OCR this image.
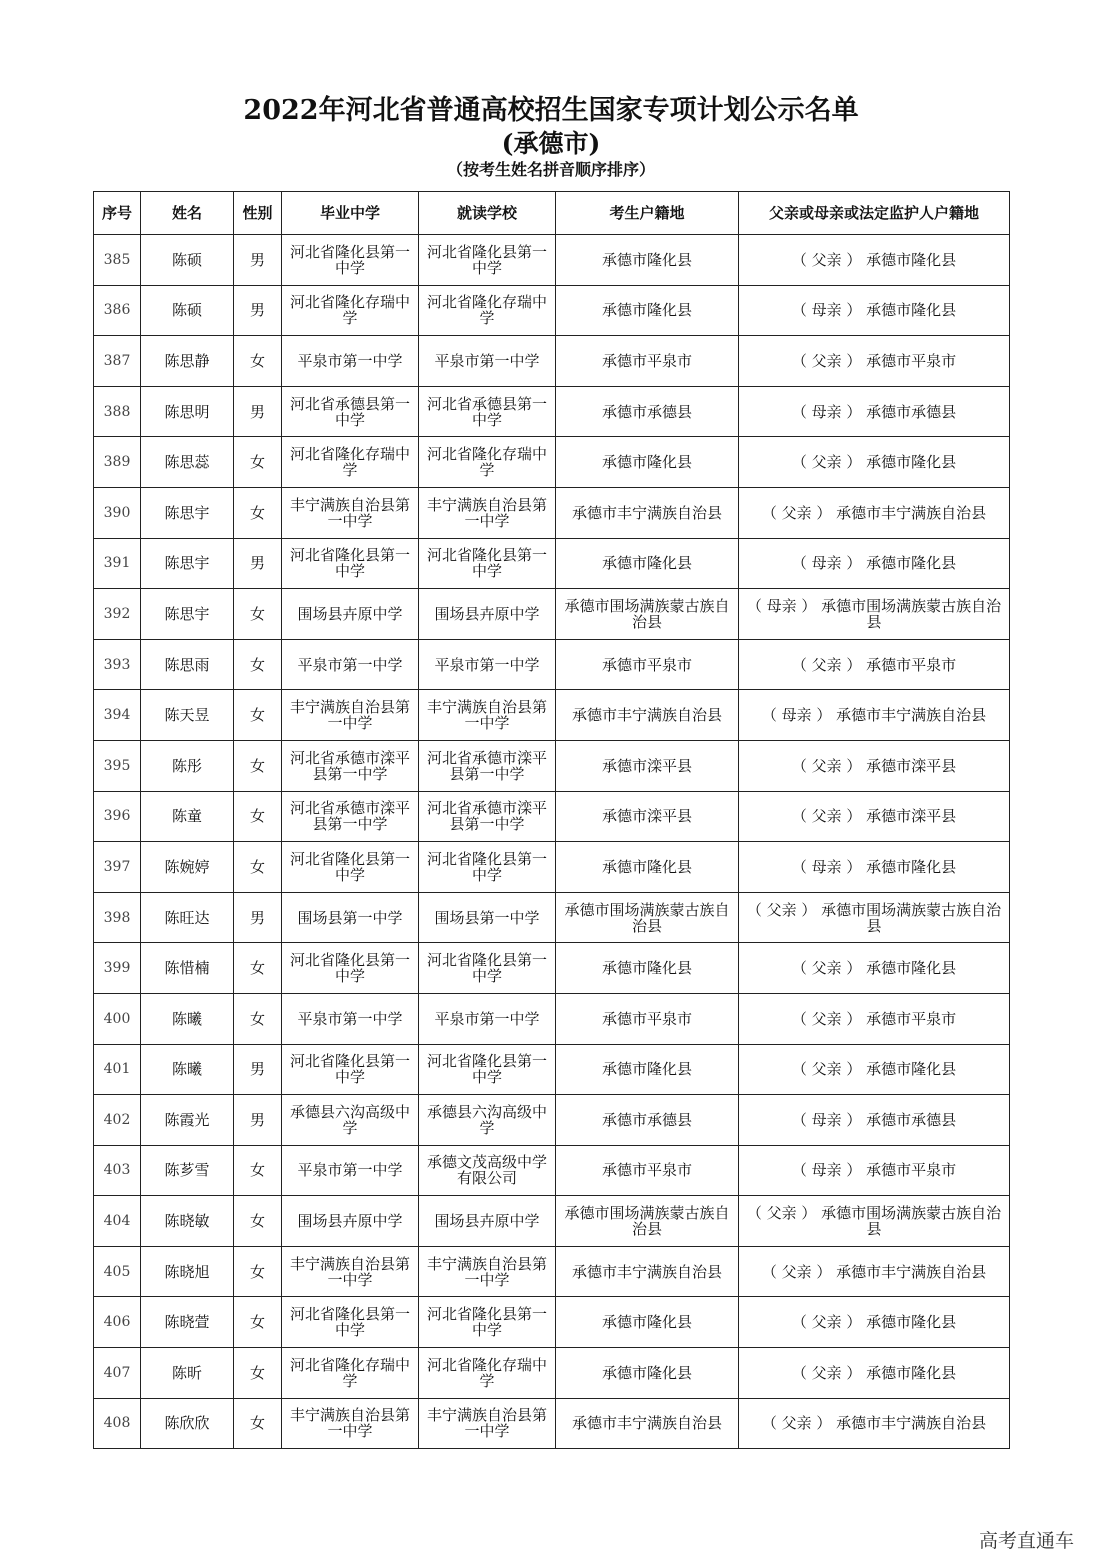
2022年河北省普通高校招生国家专项计划公示名单
(承德市)
（按考生姓名拼音顺序排序）
序号	姓名	性别	毕业中学	就读学校	考生户籍地	父亲或母亲或法定监护人户籍地
385	陈硕	男	河北省隆化县第一中学	河北省隆化县第一中学	承德市隆化县	（ 父亲 ） 承德市隆化县
386	陈硕	男	河北省隆化存瑞中学	河北省隆化存瑞中学	承德市隆化县	（ 母亲 ） 承德市隆化县
387	陈思静	女	平泉市第一中学	平泉市第一中学	承德市平泉市	（ 父亲 ） 承德市平泉市
388	陈思明	男	河北省承德县第一中学	河北省承德县第一中学	承德市承德县	（ 母亲 ） 承德市承德县
389	陈思蕊	女	河北省隆化存瑞中学	河北省隆化存瑞中学	承德市隆化县	（ 父亲 ） 承德市隆化县
390	陈思宇	女	丰宁满族自治县第一中学	丰宁满族自治县第一中学	承德市丰宁满族自治县	（ 父亲 ） 承德市丰宁满族自治县
391	陈思宇	男	河北省隆化县第一中学	河北省隆化县第一中学	承德市隆化县	（ 母亲 ） 承德市隆化县
392	陈思宇	女	围场县卉原中学	围场县卉原中学	承德市围场满族蒙古族自治县	（ 母亲 ） 承德市围场满族蒙古族自治县
393	陈思雨	女	平泉市第一中学	平泉市第一中学	承德市平泉市	（ 父亲 ） 承德市平泉市
394	陈天昱	女	丰宁满族自治县第一中学	丰宁满族自治县第一中学	承德市丰宁满族自治县	（ 母亲 ） 承德市丰宁满族自治县
395	陈彤	女	河北省承德市滦平县第一中学	河北省承德市滦平县第一中学	承德市滦平县	（ 父亲 ） 承德市滦平县
396	陈童	女	河北省承德市滦平县第一中学	河北省承德市滦平县第一中学	承德市滦平县	（ 父亲 ） 承德市滦平县
397	陈婉婷	女	河北省隆化县第一中学	河北省隆化县第一中学	承德市隆化县	（ 母亲 ） 承德市隆化县
398	陈旺达	男	围场县第一中学	围场县第一中学	承德市围场满族蒙古族自治县	（ 父亲 ） 承德市围场满族蒙古族自治县
399	陈惜楠	女	河北省隆化县第一中学	河北省隆化县第一中学	承德市隆化县	（ 父亲 ） 承德市隆化县
400	陈曦	女	平泉市第一中学	平泉市第一中学	承德市平泉市	（ 父亲 ） 承德市平泉市
401	陈曦	男	河北省隆化县第一中学	河北省隆化县第一中学	承德市隆化县	（ 父亲 ） 承德市隆化县
402	陈霞光	男	承德县六沟高级中学	承德县六沟高级中学	承德市承德县	（ 母亲 ） 承德市承德县
403	陈芗雪	女	平泉市第一中学	承德文茂高级中学有限公司	承德市平泉市	（ 母亲 ） 承德市平泉市
404	陈晓敏	女	围场县卉原中学	围场县卉原中学	承德市围场满族蒙古族自治县	（ 父亲 ） 承德市围场满族蒙古族自治县
405	陈晓旭	女	丰宁满族自治县第一中学	丰宁满族自治县第一中学	承德市丰宁满族自治县	（ 父亲 ） 承德市丰宁满族自治县
406	陈晓萱	女	河北省隆化县第一中学	河北省隆化县第一中学	承德市隆化县	（ 父亲 ） 承德市隆化县
407	陈昕	女	河北省隆化存瑞中学	河北省隆化存瑞中学	承德市隆化县	（ 父亲 ） 承德市隆化县
408	陈欣欣	女	丰宁满族自治县第一中学	丰宁满族自治县第一中学	承德市丰宁满族自治县	（ 父亲 ） 承德市丰宁满族自治县
高考直通车
